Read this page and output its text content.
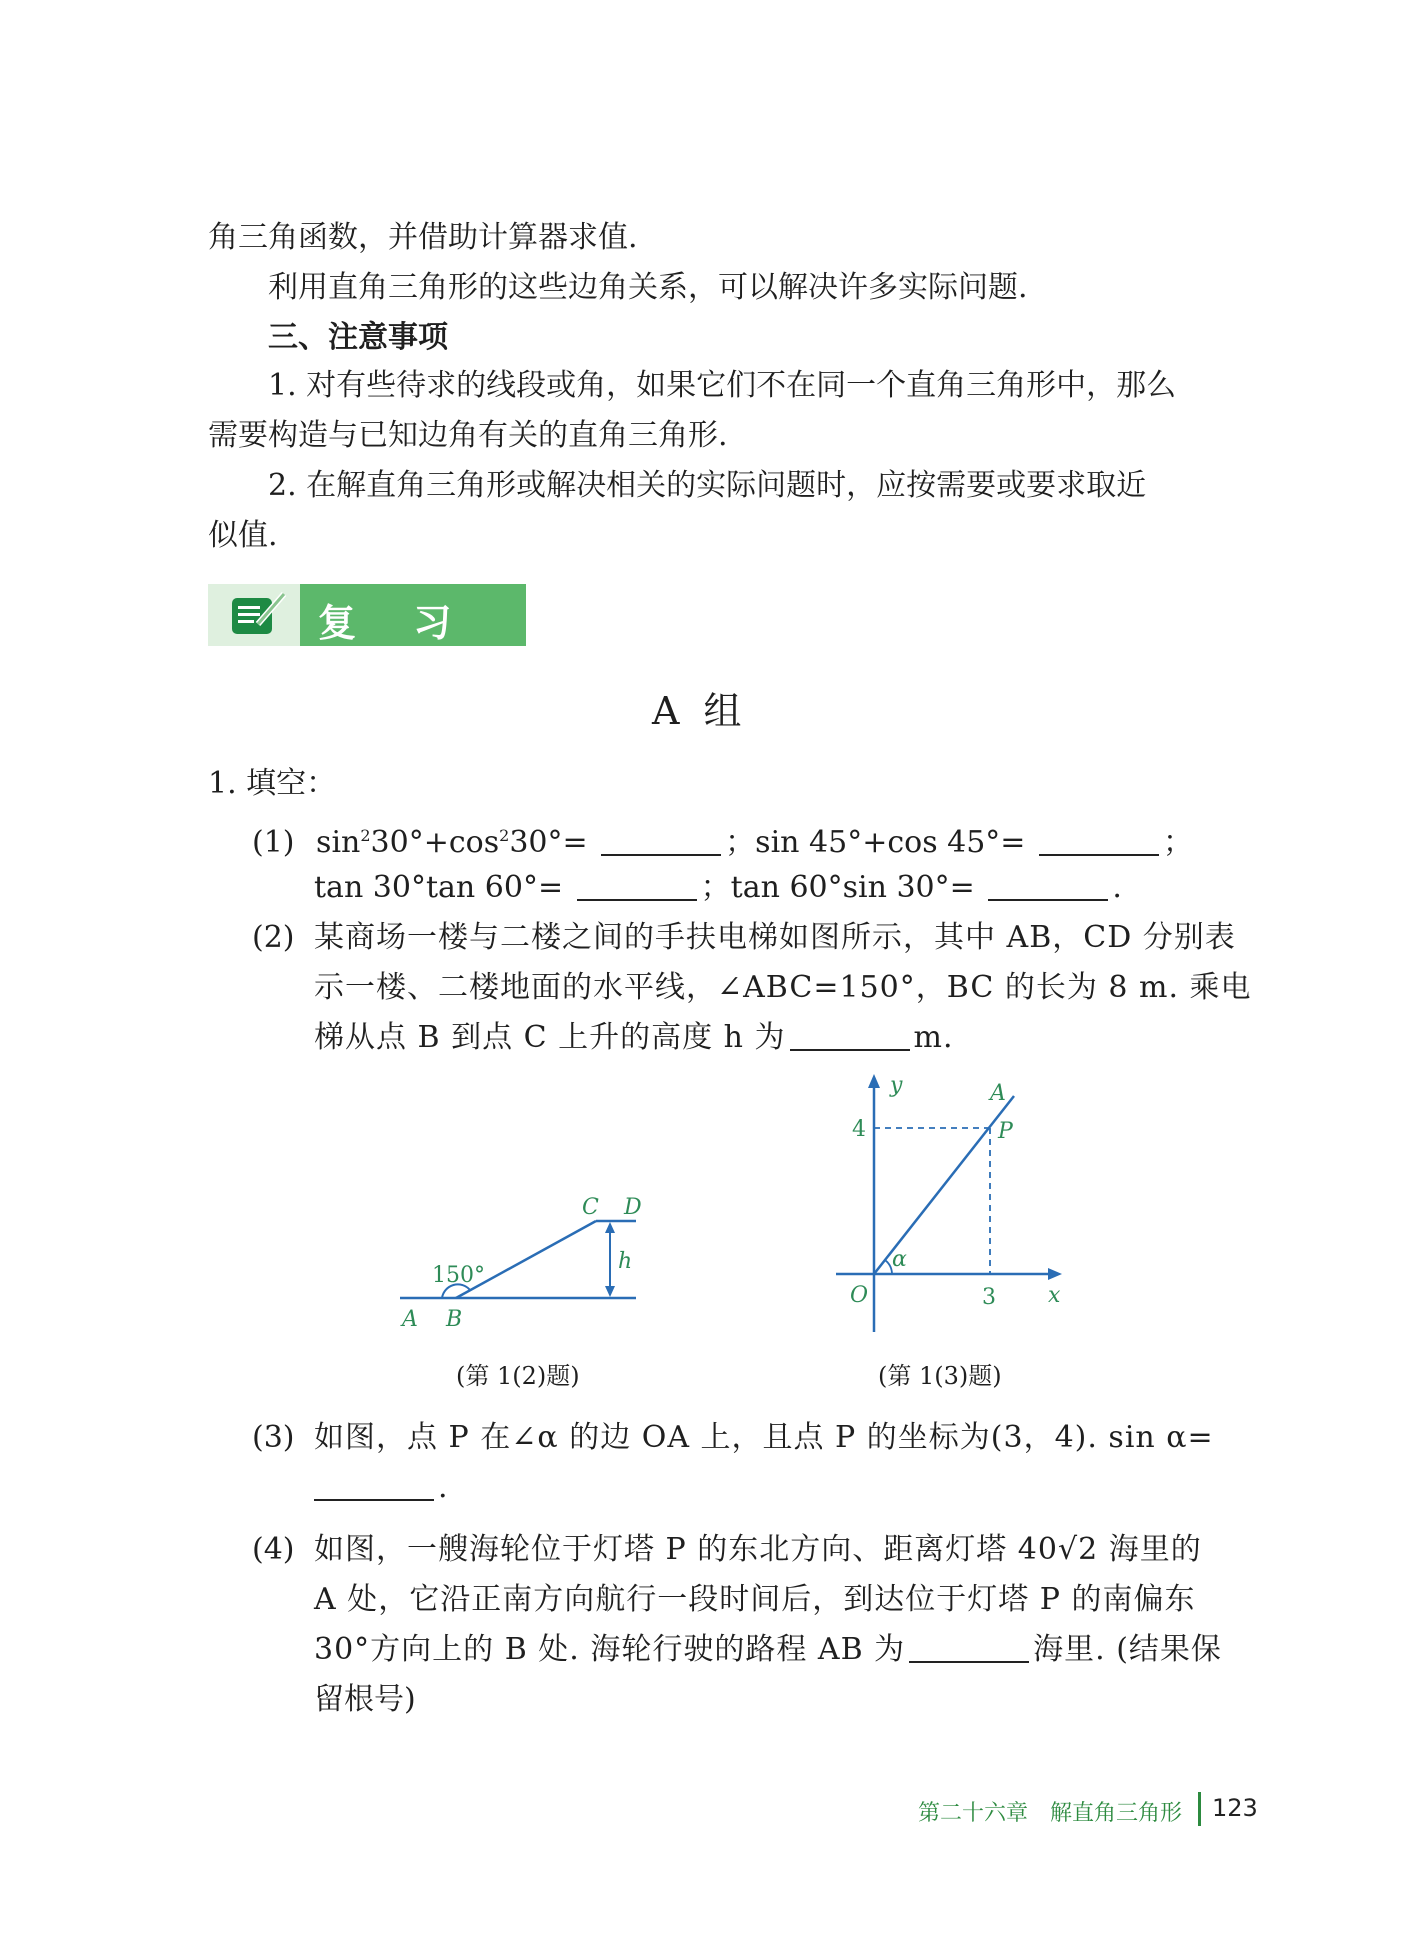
角三角函数，并借助计算器求值.
利用直角三角形的这些边角关系，可以解决许多实际问题.
三、注意事项
1. 对有些待求的线段或角，如果它们不在同一个直角三角形中，那么
需要构造与已知边角有关的直角三角形.
2. 在解直角三角形或解决相关的实际问题时，应按需要或要求取近
似值.
复 习 题
A 组
1. 填空：
(1) $\sin^230^\circ+\cos^230^\circ=$	；sin 45°+cos 45°=	；
tan 30°tan 60°=	；tan 60°sin 30°=	.
(2) 某商场一楼与二楼之间的手扶电梯如图所示，其中 AB，CD 分别表
示一楼、二楼地面的水平线，∠ABC=150°，BC 的长为 8 m. 乘电
梯从点 B 到点 C 上升的高度 h 为	m.
150°
A B
C D
h
(第 1(2)题)
y
x
A
P
O
α
4
3
(第 1(3)题)
(3) 如图，点 P 在∠α 的边 OA 上，且点 P 的坐标为(3，4). sin α=
.
(4) 如图，一艘海轮位于灯塔 P 的东北方向、距离灯塔 40√2 海里的
A 处，它沿正南方向航行一段时间后，到达位于灯塔 P 的南偏东
30°方向上的 B 处. 海轮行驶的路程 AB 为	海里. (结果保
留根号)
第二十六章　解直角三角形 123
